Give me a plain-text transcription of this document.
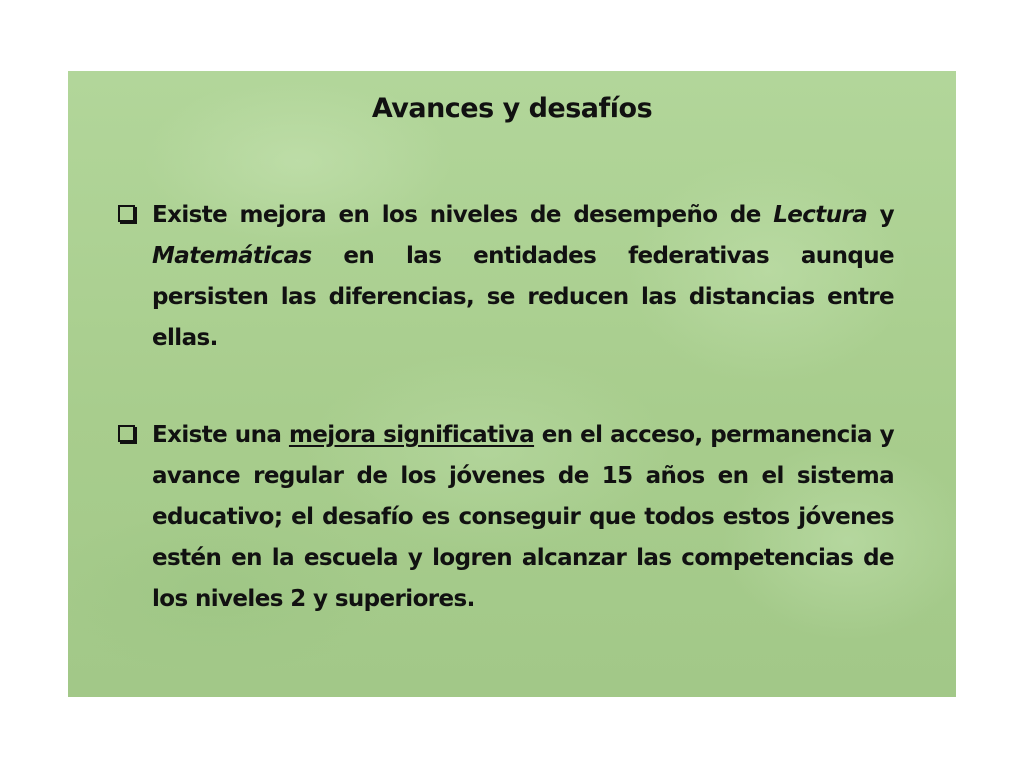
Avances y desafíos
Existe mejora en los niveles de desempeño de Lectura y Matemáticas en las entidades federativas aunque persisten las diferencias, se reducen las distancias entre ellas.
Existe una mejora significativa en el acceso, permanencia y avance regular de los jóvenes de 15 años en el sistema educativo; el desafío es conseguir que todos estos jóvenes estén en la escuela y logren alcanzar las competencias de los niveles 2 y superiores.
